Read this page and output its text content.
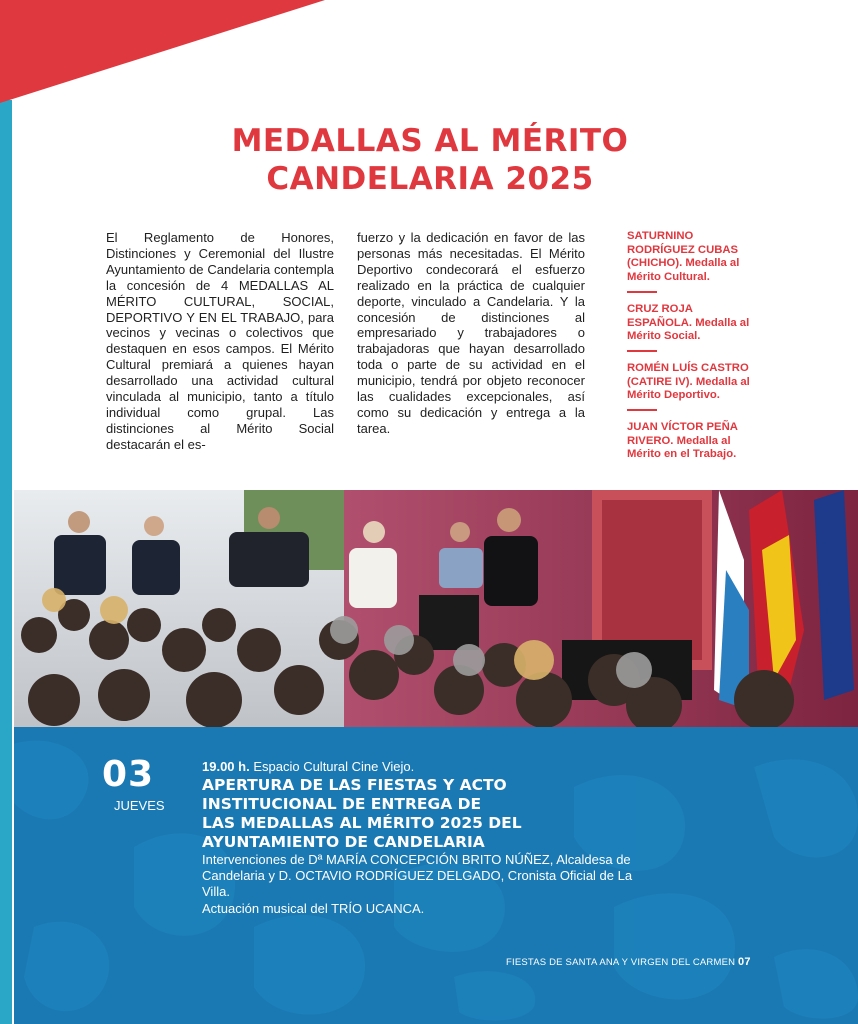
MEDALLAS AL MÉRITO
CANDELARIA 2025

El Reglamento de Honores, Distinciones y Ceremonial del Ilustre Ayuntamiento de Candelaria contempla la concesión de 4 MEDALLAS AL MÉRITO CULTURAL, SOCIAL, DEPORTIVO Y EN EL TRABAJO, para vecinos y vecinas o colectivos que destaquen en esos campos. El Mérito Cultural premiará a quienes hayan desarrollado una actividad cultural vinculada al municipio, tanto a título individual como grupal. Las distinciones al Mérito Social destacarán el es-

fuerzo y la dedicación en favor de las personas más necesitadas. El Mérito Deportivo condecorará el esfuerzo realizado en la práctica de cualquier deporte, vinculado a Candelaria. Y la concesión de distinciones al empresariado y trabajadores o trabajadoras que hayan desarrollado toda o parte de su actividad en el municipio, tendrá por objeto reconocer las cualidades excepcionales, así como su dedicación y entrega a la tarea.

SATURNINO RODRÍGUEZ CUBAS (CHICHO). Medalla al Mérito Cultural.
CRUZ ROJA ESPAÑOLA. Medalla al Mérito Social.
ROMÉN LUÍS CASTRO (CATIRE IV). Medalla al Mérito Deportivo.
JUAN VÍCTOR PEÑA RIVERO. Medalla al Mérito en el Trabajo.
03
JUEVES
19.00 h. Espacio Cultural Cine Viejo.
APERTURA DE LAS FIESTAS Y ACTO
INSTITUCIONAL DE ENTREGA DE
LAS MEDALLAS AL MÉRITO 2025 DEL
AYUNTAMIENTO DE CANDELARIA

Intervenciones de Dª MARÍA CONCEPCIÓN BRITO NÚÑEZ, Alcaldesa de Candelaria y D. OCTAVIO RODRÍGUEZ DELGADO, Cronista Oficial de La Villa.

Actuación musical del TRÍO UCANCA.
FIESTAS DE SANTA ANA Y VIRGEN DEL CARMEN 07
